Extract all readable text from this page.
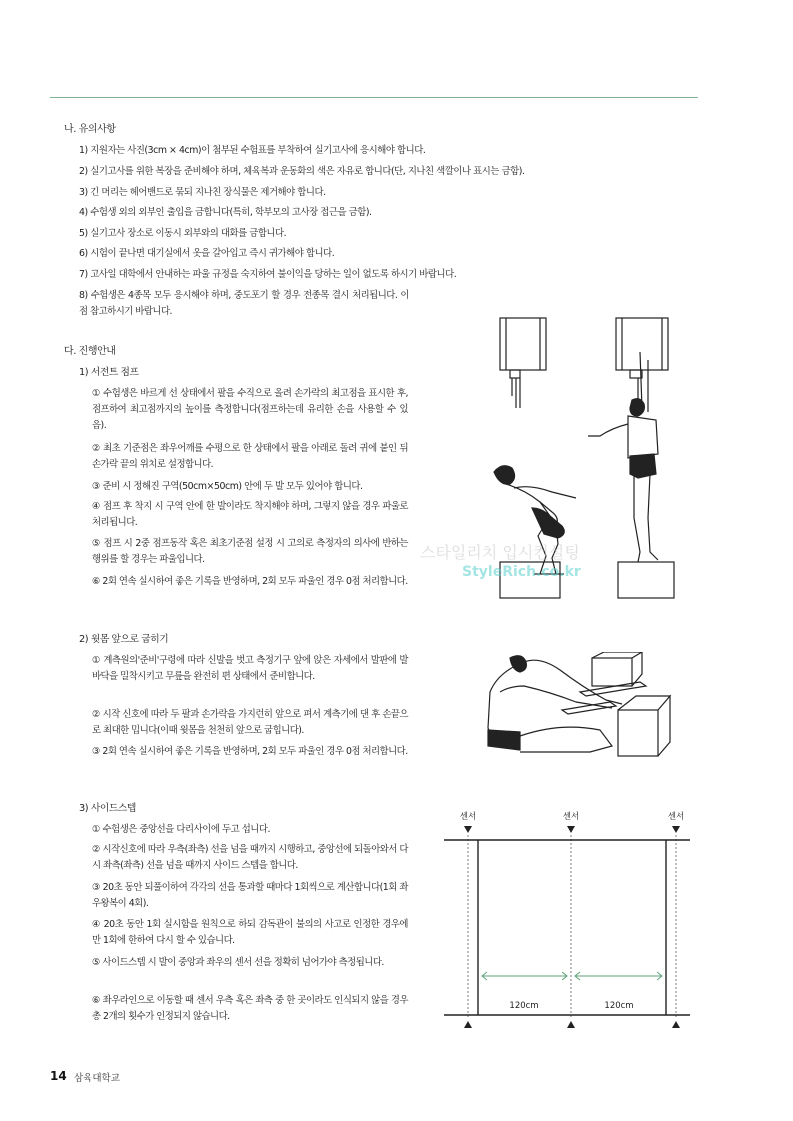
나. 유의사항

1) 지원자는 사진(3cm × 4cm)이 첨부된 수험표를 부착하여 실기고사에 응시해야 합니다.

2) 실기고사를 위한 복장을 준비해야 하며, 체육복과 운동화의 색은 자유로 합니다(단, 지나친 색깔이나 표시는 금함).

3) 긴 머리는 헤어밴드로 묶되 지나친 장식물은 제거해야 합니다.

4) 수험생 외의 외부인 출입을 금합니다(특히, 학부모의 고사장 접근을 금함).

5) 실기고사 장소로 이동시 외부와의 대화를 금합니다.

6) 시험이 끝나면 대기실에서 옷을 갈아입고 즉시 귀가해야 합니다.

7) 고사일 대학에서 안내하는 파울 규정을 숙지하여 불이익을 당하는 일이 없도록 하시기 바랍니다.

8) 수험생은 4종목 모두 응시해야 하며, 중도포기 할 경우 전종목 결시 처리됩니다. 이점 참고하시기 바랍니다.

다. 진행안내

1) 서전트 점프

① 수험생은 바르게 선 상태에서 팔을 수직으로 올려 손가락의 최고점을 표시한 후, 점프하여 최고점까지의 높이를 측정합니다(점프하는데 유리한 손을 사용할 수 있음).

② 최초 기준점은 좌우어깨를 수평으로 한 상태에서 팔을 아래로 돌려 귀에 붙인 뒤 손가락 끝의 위치로 설정합니다.

③ 준비 시 정해진 구역(50cm×50cm) 안에 두 발 모두 있어야 합니다.

④ 점프 후 착지 시 구역 안에 한 발이라도 착지해야 하며, 그렇지 않을 경우 파울로 처리됩니다.

⑤ 점프 시 2중 점프동작 혹은 최초기준점 설정 시 고의로 측정자의 의사에 반하는 행위를 할 경우는 파울입니다.

⑥ 2회 연속 실시하여 좋은 기록을 반영하며, 2회 모두 파울인 경우 0점 처리합니다.

2) 윗몸 앞으로 굽히기

① 계측원의'준비'구령에 따라 신발을 벗고 측정기구 앞에 앉은 자세에서 발판에 발바닥을 밀착시키고 무릎을 완전히 편 상태에서 준비합니다.

② 시작 신호에 따라 두 팔과 손가락을 가지런히 앞으로 펴서 계측기에 댄 후 손끝으로 최대한 밉니다(이때 윗몸을 천천히 앞으로 굽힙니다).

③ 2회 연속 실시하여 좋은 기록을 반영하며, 2회 모두 파울인 경우 0점 처리합니다.

3) 사이드스텝

① 수험생은 중앙선을 다리사이에 두고 섭니다.

② 시작신호에 따라 우측(좌측) 선을 넘을 때까지 시행하고, 중앙선에 되돌아와서 다시 좌측(좌측) 선을 넘을 때까지 사이드 스텝을 합니다.

③ 20초 동안 되풀이하여 각각의 선을 통과할 때마다 1회씩으로 계산합니다(1회 좌우왕복이 4회).

④ 20초 동안 1회 실시함을 원칙으로 하되 감독관이 불의의 사고로 인정한 경우에만 1회에 한하여 다시 할 수 있습니다.

⑤ 사이드스텝 시 발이 중앙과 좌우의 센서 선을 정확히 넘어가야 측정됩니다.

⑥ 좌우라인으로 이동할 때 센서 우측 혹은 좌측 중 한 곳이라도 인식되지 않을 경우 총 2개의 횟수가 인정되지 않습니다.

센서	센서	센서
120cm	120cm
스타일리치 입시컨설팅
StyleRich.co.kr
14 삼육대학교
